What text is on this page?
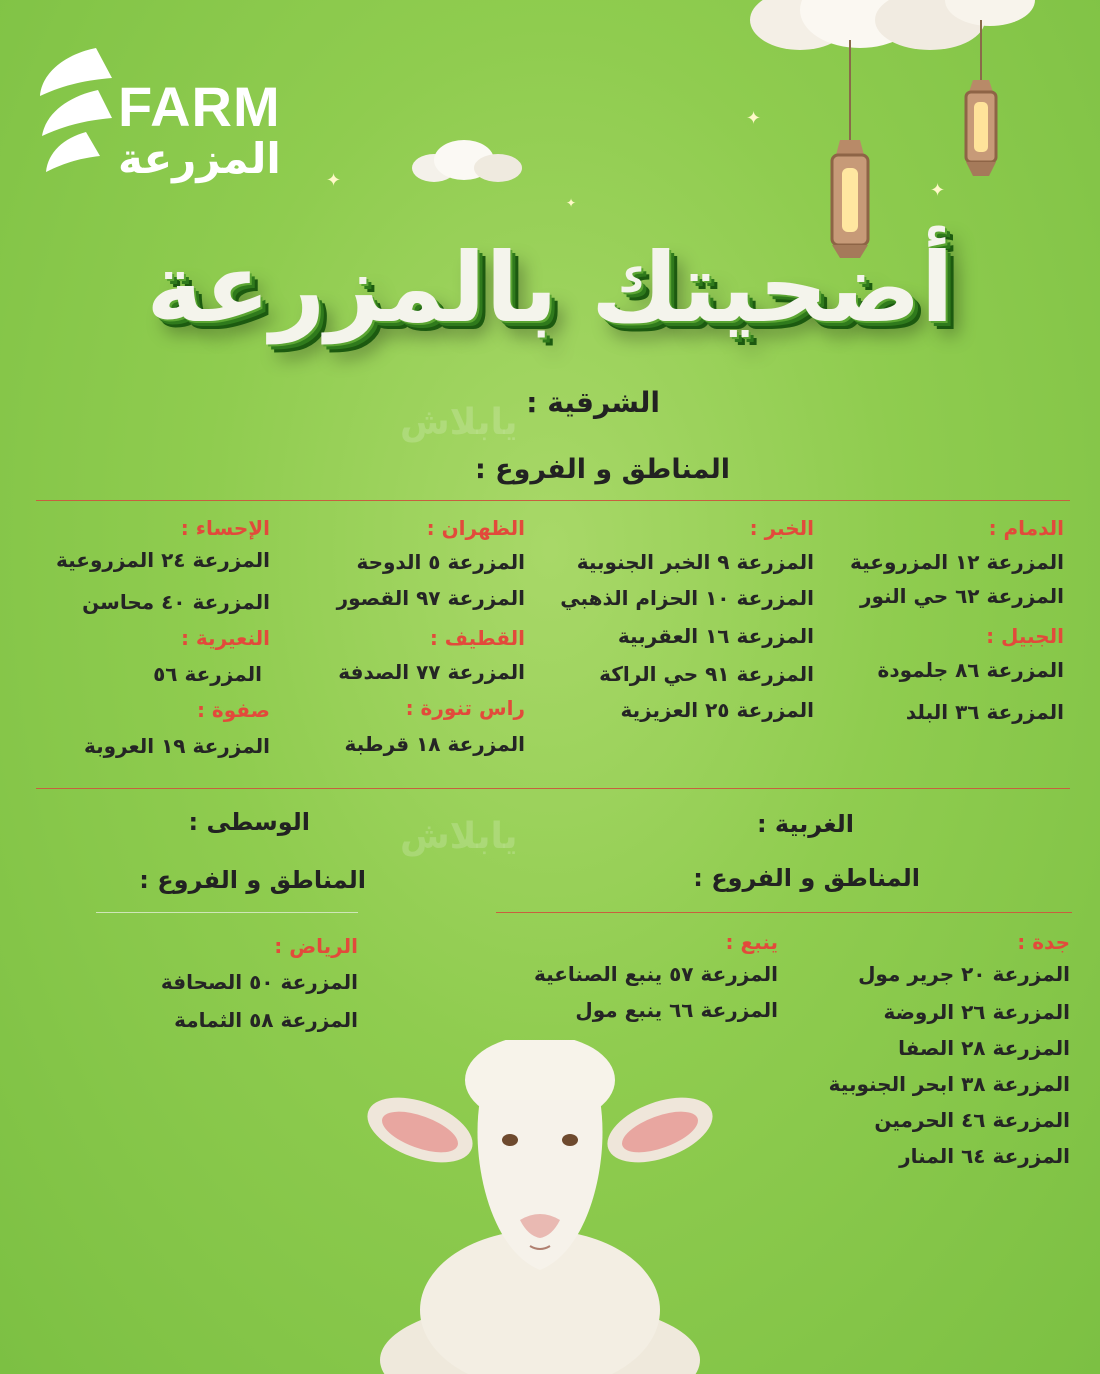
✦
✦
✦
✦
FARM
المزرعة
أضحيتك بالمزرعة
يابلاش
يابلاش
الشرقية :
المناطق و الفروع :
الدمام :
المزرعة ١٢ المزروعية
المزرعة ٦٢ حي النور
الجبيل :
المزرعة ٨٦ جلمودة
المزرعة ٣٦ البلد
الخبر :
المزرعة ٩ الخبر الجنوبية
المزرعة ١٠ الحزام الذهبي
المزرعة ١٦ العقربية
المزرعة ٩١ حي الراكة
المزرعة ٢٥ العزيزية
الظهران :
المزرعة ٥ الدوحة
المزرعة ٩٧ القصور
القطيف :
المزرعة ٧٧ الصدفة
راس تنورة :
المزرعة ١٨ قرطبة
الإحساء :
المزرعة ٢٤ المزروعية
المزرعة ٤٠ محاسن
النعيرية :
المزرعة ٥٦
صفوة :
المزرعة ١٩ العروبة
الغربية :
المناطق و الفروع :
جدة :
المزرعة ٢٠ جرير مول
المزرعة ٢٦ الروضة
المزرعة ٢٨ الصفا
المزرعة ٣٨ ابحر الجنوبية
المزرعة ٤٦ الحرمين
المزرعة ٦٤ المنار
ينبع :
المزرعة ٥٧ ينبع الصناعية
المزرعة ٦٦ ينبع مول
الوسطى :
المناطق و الفروع :
الرياض :
المزرعة ٥٠ الصحافة
المزرعة ٥٨ الثمامة
